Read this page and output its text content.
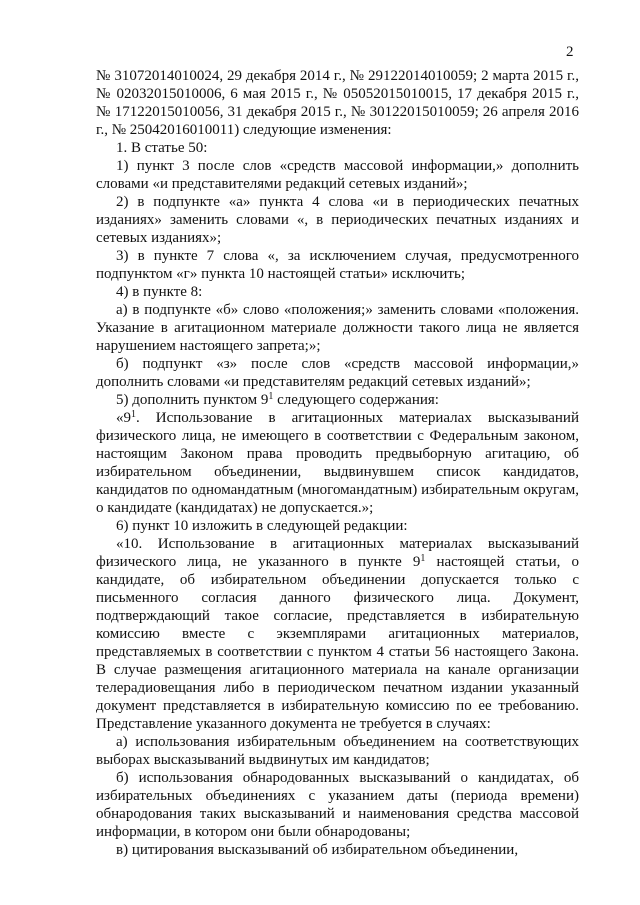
2

№ 31072014010024, 29 декабря 2014 г., № 29122014010059; 2 марта 2015 г., № 02032015010006, 6 мая 2015 г., № 05052015010015, 17 декабря 2015 г., № 17122015010056, 31 декабря 2015 г., № 30122015010059; 26 апреля 2016 г., № 25042016010011) следующие изменения:

1. В статье 50:

1) пункт 3 после слов «средств массовой информации,» дополнить словами «и представителями редакций сетевых изданий»;

2) в подпункте «а» пункта 4 слова «и в периодических печатных изданиях» заменить словами «, в периодических печатных изданиях и сетевых изданиях»;

3) в пункте 7 слова «, за исключением случая, предусмотренного подпунктом «г» пункта 10 настоящей статьи» исключить;

4) в пункте 8:

а) в подпункте «б» слово «положения;» заменить словами «положения. Указание в агитационном материале должности такого лица не является нарушением настоящего запрета;»;

б) подпункт «з» после слов «средств массовой информации,» дополнить словами «и представителям редакций сетевых изданий»;

5) дополнить пунктом $9^1$ следующего содержания:

«$9^1$. Использование в агитационных материалах высказываний физического лица, не имеющего в соответствии с Федеральным законом, настоящим Законом права проводить предвыборную агитацию, об избирательном объединении, выдвинувшем список кандидатов, кандидатов по одномандатным (многомандатным) избирательным округам, о кандидате (кандидатах) не допускается.»;

6) пункт 10 изложить в следующей редакции:

«10. Использование в агитационных материалах высказываний физического лица, не указанного в пункте $9^1$ настоящей статьи, о кандидате, об избирательном объединении допускается только с письменного согласия данного физического лица. Документ, подтверждающий такое согласие, представляется в избирательную комиссию вместе с экземплярами агитационных материалов, представляемых в соответствии с пунктом 4 статьи 56 настоящего Закона. В случае размещения агитационного материала на канале организации телерадиовещания либо в периодическом печатном издании указанный документ представляется в избирательную комиссию по ее требованию. Представление указанного документа не требуется в случаях:

а) использования избирательным объединением на соответствующих выборах высказываний выдвинутых им кандидатов;

б) использования обнародованных высказываний о кандидатах, об избирательных объединениях с указанием даты (периода времени) обнародования таких высказываний и наименования средства массовой информации, в котором они были обнародованы;

в) цитирования высказываний об избирательном объединении,
